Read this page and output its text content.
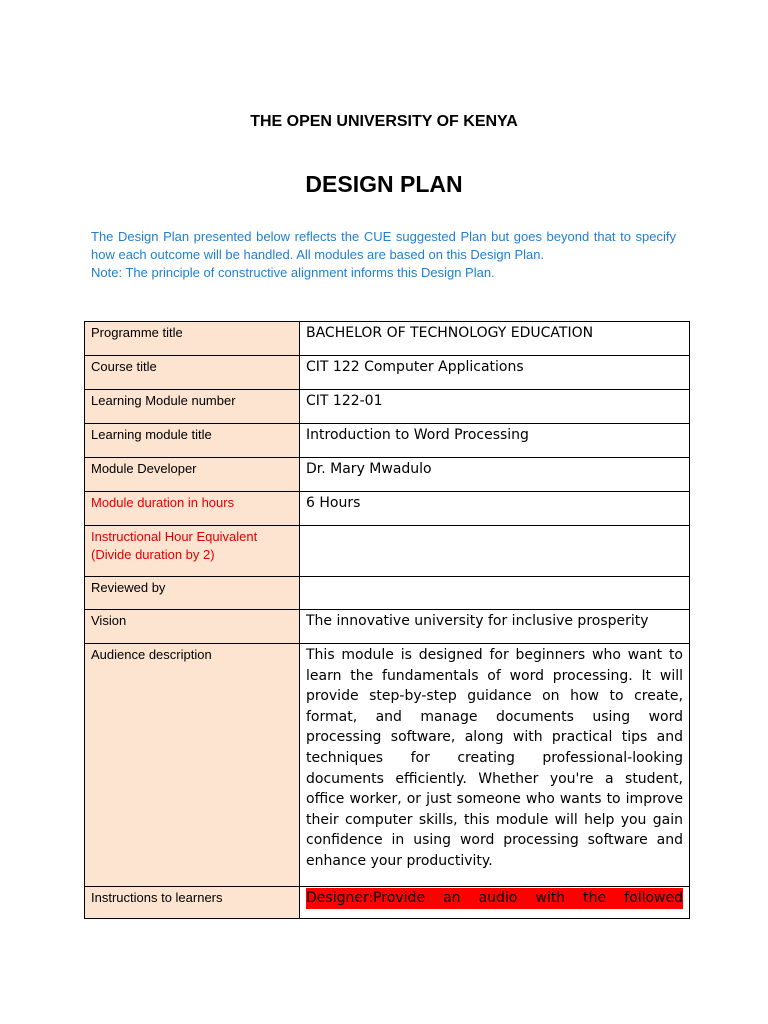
THE OPEN UNIVERSITY OF KENYA
DESIGN PLAN

The Design Plan presented below reflects the CUE suggested Plan but goes beyond that to specify how each outcome will be handled. All modules are based on this Design Plan.

Note: The principle of constructive alignment informs this Design Plan.

Programme title	BACHELOR OF TECHNOLOGY EDUCATION
Course title	CIT 122 Computer Applications
Learning Module number	CIT 122-01
Learning module title	Introduction to Word Processing
Module Developer	Dr. Mary Mwadulo
Module duration in hours	6 Hours
Instructional Hour Equivalent (Divide duration by 2)	
Reviewed by	
Vision	The innovative university for inclusive prosperity
Audience description	This module is designed for beginners who want to learn the fundamentals of word processing. It will provide step-by-step guidance on how to create, format, and manage documents using word processing software, along with practical tips and techniques for creating professional-looking documents efficiently. Whether you're a student, office worker, or just someone who wants to improve their computer skills, this module will help you gain confidence in using word processing software and enhance your productivity.
Instructions to learners	Designer:Provide an audio with the followed
